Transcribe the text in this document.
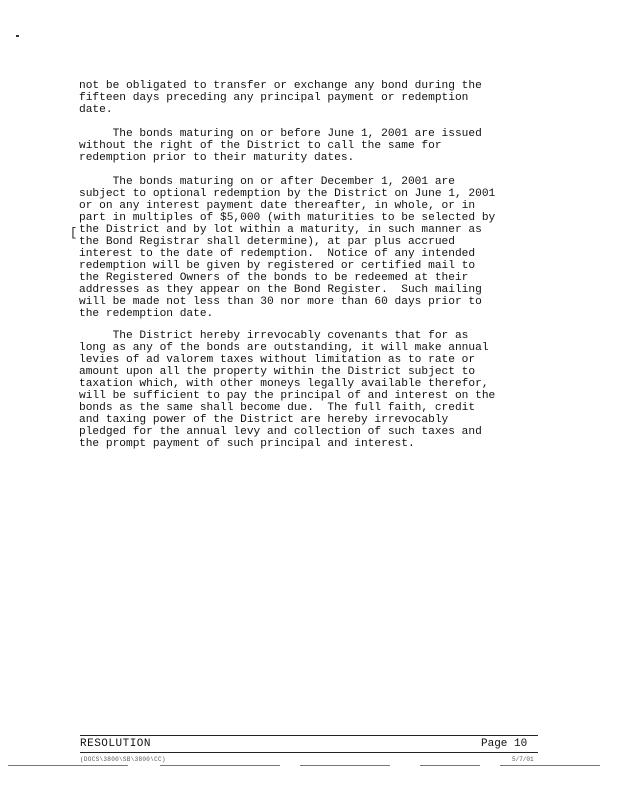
not be obligated to transfer or exchange any bond during the
fifteen days preceding any principal payment or redemption
date.
The bonds maturing on or before June 1, 2001 are issued
without the right of the District to call the same for
redemption prior to their maturity dates.
The bonds maturing on or after December 1, 2001 are
subject to optional redemption by the District on June 1, 2001
or on any interest payment date thereafter, in whole, or in
part in multiples of $5,000 (with maturities to be selected by
the District and by lot within a maturity, in such manner as
the Bond Registrar shall determine), at par plus accrued
interest to the date of redemption.  Notice of any intended
redemption will be given by registered or certified mail to
the Registered Owners of the bonds to be redeemed at their
addresses as they appear on the Bond Register.  Such mailing
will be made not less than 30 nor more than 60 days prior to
the redemption date.
[
The District hereby irrevocably covenants that for as
long as any of the bonds are outstanding, it will make annual
levies of ad valorem taxes without limitation as to rate or
amount upon all the property within the District subject to
taxation which, with other moneys legally available therefor,
will be sufficient to pay the principal of and interest on the
bonds as the same shall become due.  The full faith, credit
and taxing power of the District are hereby irrevocably
pledged for the annual levy and collection of such taxes and
the prompt payment of such principal and interest.
RESOLUTION	Page 10
(DOCS\3800\SB\3800\CC)	5/7/01
